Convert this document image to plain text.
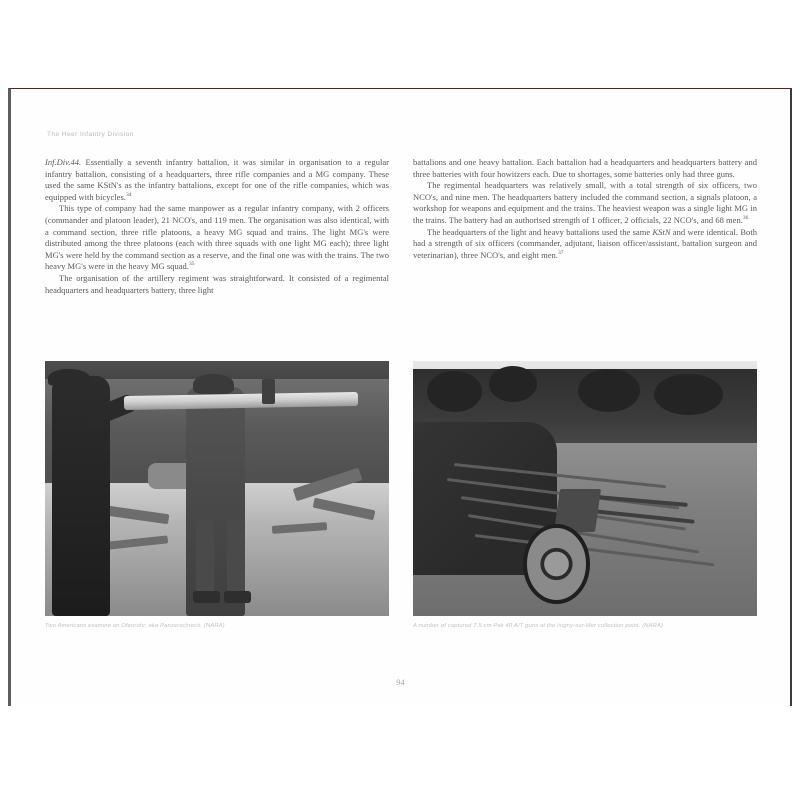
The Heer Infantry Division

Inf.Div.44. Essentially a seventh infantry battalion, it was similar in organisation to a regular infantry battalion, consisting of a headquarters, three rifle companies and a MG company. These used the same KStN's as the infantry battalions, except for one of the rifle companies, which was equipped with bicycles.$^{34}$

This type of company had the same manpower as a regular infantry company, with 2 officers (commander and platoon leader), 21 NCO's, and 119 men. The organisation was also identical, with a command section, three rifle platoons, a heavy MG squad and trains. The light MG's were distributed among the three platoons (each with three squads with one light MG each); three light MG's were held by the command section as a reserve, and the final one was with the trains. The two heavy MG's were in the heavy MG squad.$^{35}$

The organisation of the artillery regiment was straightforward. It consisted of a regimental headquarters and headquarters battery, three light

battalions and one heavy battalion. Each battalion had a headquarters and headquarters battery and three batteries with four howitzers each. Due to shortages, some batteries only had three guns.

The regimental headquarters was relatively small, with a total strength of six officers, two NCO's, and nine men. The headquarters battery included the command section, a signals platoon, a workshop for weapons and equipment and the trains. The heaviest weapon was a single light MG in the trains. The battery had an authorised strength of 1 officer, 2 officials, 22 NCO's, and 68 men.$^{36}$

The headquarters of the light and heavy battalions used the same KStN and were identical. Both had a strength of six officers (commander, adjutant, liaison officer/assistant, battalion surgeon and veterinarian), three NCO's, and eight men.$^{37}$

Two Americans examine an Ofenrohr, aka Panzerschreck. (NARA)	A number of captured 7.5 cm Pak 40 A/T guns at the Isigny-sur-Mer collection point. (NARA)
94
